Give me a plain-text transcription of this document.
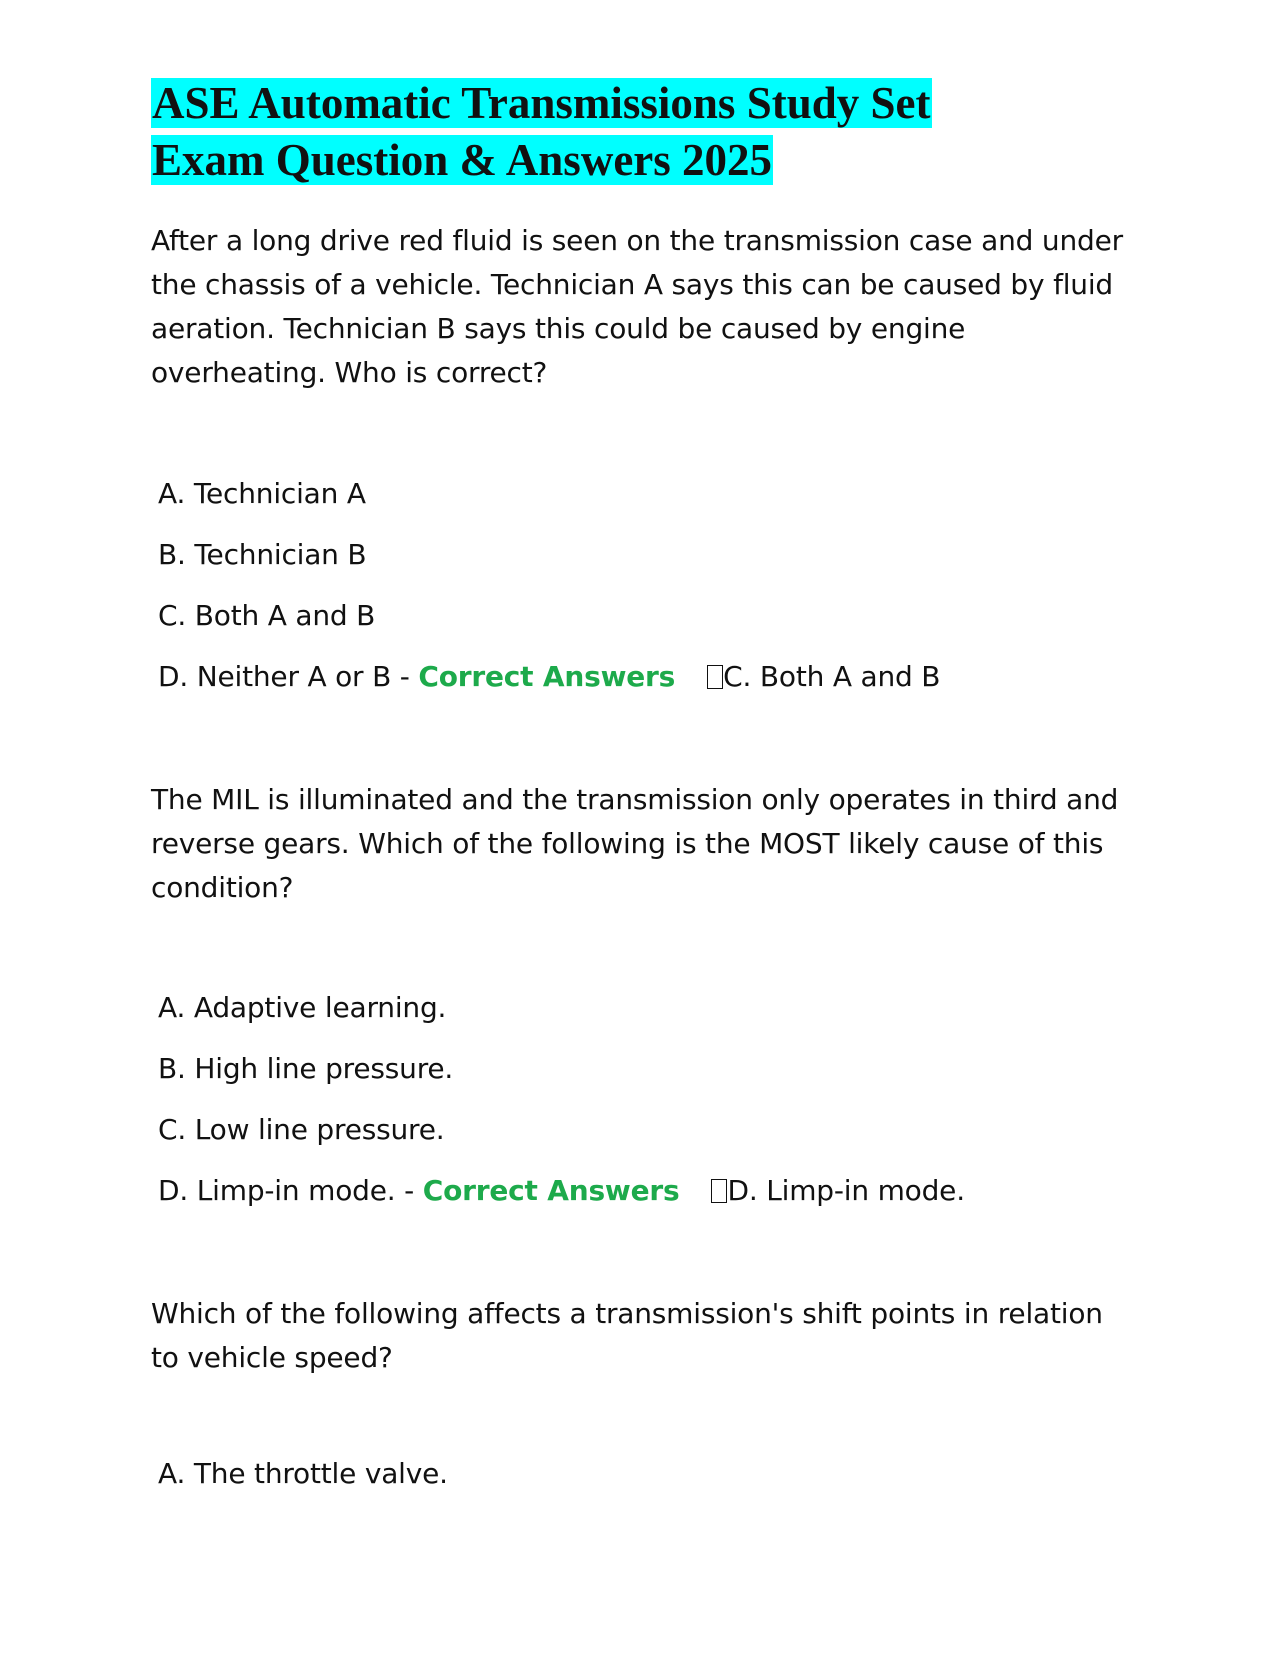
ASE Automatic Transmissions Study Set
Exam Question & Answers 2025

After a long drive red fluid is seen on the transmission case and under the chassis of a vehicle. Technician A says this can be caused by fluid aeration. Technician B says this could be caused by engine overheating. Who is correct?

A. Technician A
B. Technician B
C. Both A and B
D. Neither A or B - Correct Answers C. Both A and B

The MIL is illuminated and the transmission only operates in third and reverse gears. Which of the following is the MOST likely cause of this condition?

A. Adaptive learning.
B. High line pressure.
C. Low line pressure.
D. Limp-in mode. - Correct Answers D. Limp-in mode.

Which of the following affects a transmission's shift points in relation to vehicle speed?

A. The throttle valve.
